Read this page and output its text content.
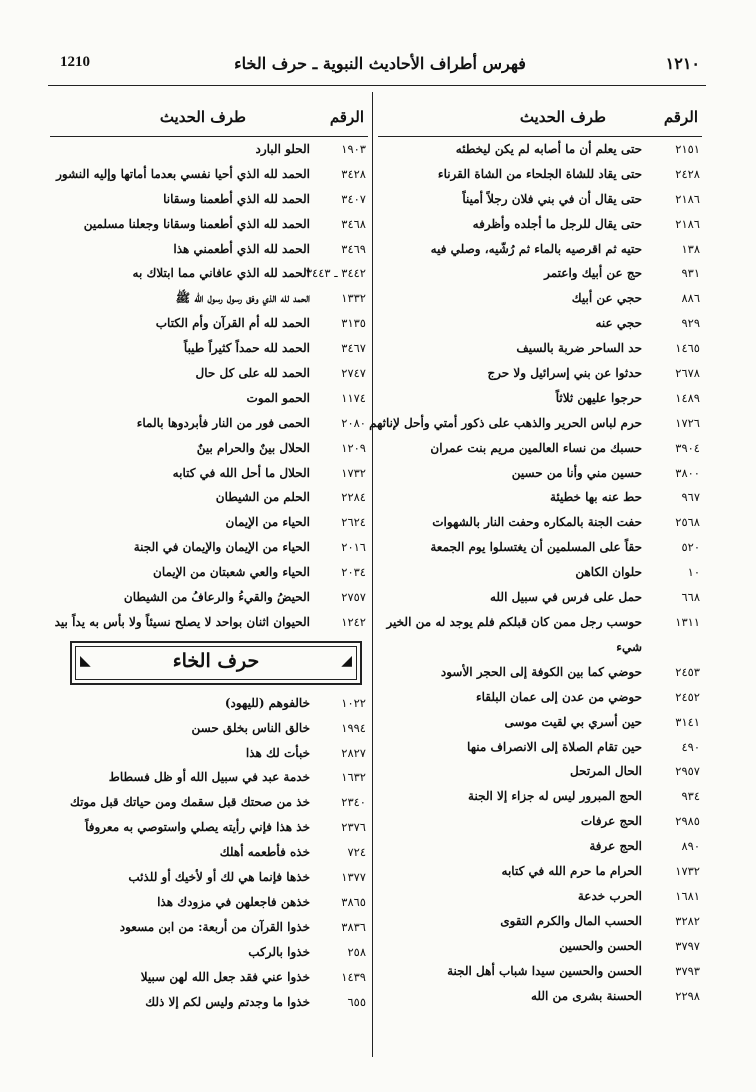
1210	فهرس أطراف الأحاديث النبوية ـ حرف الخاء	١٢١٠
الرقم
طرف الحديث
٢١٥١
حتى يعلم أن ما أصابه لم يكن ليخطئه
٢٤٢٨
حتى يقاد للشاة الجلحاء من الشاة القرناء
٢١٨٦
حتى يقال أن في بني فلان رجلاً أميناً
٢١٨٦
حتى يقال للرجل ما أجلده وأظرفه
١٣٨
حتيه ثم اقرصيه بالماء ثم رُشّيه، وصلي فيه
٩٣١
حج عن أبيك واعتمر
٨٨٦
حجي عن أبيك
٩٢٩
حجي عنه
١٤٦٥
حد الساحر ضربة بالسيف
٢٦٧٨
حدثوا عن بني إسرائيل ولا حرج
١٤٨٩
حرجوا عليهن ثلاثاً
١٧٢٦
حرم لباس الحرير والذهب على ذكور أمتي وأحل لإناثهم
٣٩٠٤
حسبك من نساء العالمين مريم بنت عمران
٣٨٠٠
حسين مني وأنا من حسين
٩٦٧
حط عنه بها خطيئة
٢٥٦٨
حفت الجنة بالمكاره وحفت النار بالشهوات
٥٢٠
حقاً على المسلمين أن يغتسلوا يوم الجمعة
١٠
حلوان الكاهن
٦٦٨
حمل على فرس في سبيل الله
١٣١١
حوسب رجل ممن كان قبلكم فلم يوجد له من الخير شيء
٢٤٥٣
حوضي كما بين الكوفة إلى الحجر الأسود
٢٤٥٢
حوضي من عدن إلى عمان البلقاء
٣١٤١
حين أسري بي لقيت موسى
٤٩٠
حين تقام الصلاة إلى الانصراف منها
٢٩٥٧
الحال المرتحل
٩٣٤
الحج المبرور ليس له جزاء إلا الجنة
٢٩٨٥
الحج عرفات
٨٩٠
الحج عرفة
١٧٣٢
الحرام ما حرم الله في كتابه
١٦٨١
الحرب خدعة
٣٢٨٢
الحسب المال والكرم التقوى
٣٧٩٧
الحسن والحسين
٣٧٩٣
الحسن والحسين سيدا شباب أهل الجنة
٢٢٩٨
الحسنة بشرى من الله
الرقم
طرف الحديث
١٩٠٣
الحلو البارد
٣٤٢٨
الحمد لله الذي أحيا نفسي بعدما أماتها وإليه النشور
٣٤٠٧
الحمد لله الذي أطعمنا وسقانا
٣٤٦٨
الحمد لله الذي أطعمنا وسقانا وجعلنا مسلمين
٣٤٦٩
الحمد لله الذي أطعمني هذا
٣٤٤٢ ـ ٣٤٤٣
الحمد لله الذي عافاني مما ابتلاك به
١٣٣٢
الحمد لله الذي وفق رسول رسول الله ﷺ
٣١٣٥
الحمد لله أم القرآن وأم الكتاب
٣٤٦٧
الحمد لله حمداً كثيراً طيباً
٢٧٤٧
الحمد لله على كل حال
١١٧٤
الحمو الموت
٢٠٨٠
الحمى فور من النار فأبردوها بالماء
١٢٠٩
الحلال بينٌ والحرام بينٌ
١٧٣٢
الحلال ما أحل الله في كتابه
٢٢٨٤
الحلم من الشيطان
٢٦٢٤
الحياء من الإيمان
٢٠١٦
الحياء من الإيمان والإيمان في الجنة
٢٠٣٤
الحياء والعي شعبتان من الإيمان
٢٧٥٧
الحيضُ والقيءُ والرعافُ من الشيطان
١٢٤٢
الحيوان اثنان بواحد لا يصلح نسيئاً ولا بأس به يداً بيد
◢
حرف الخاء
◣
١٠٢٢
خالفوهم (لليهود)
١٩٩٤
خالق الناس بخلق حسن
٢٨٢٧
خبأت لك هذا
١٦٣٢
خدمة عبد في سبيل الله أو ظل فسطاط
٢٣٤٠
خذ من صحتك قبل سقمك ومن حياتك قبل موتك
٢٣٧٦
خذ هذا فإني رأيته يصلي واستوصي به معروفاً
٧٢٤
خذه فأطعمه أهلك
١٣٧٧
خذها فإنما هي لك أو لأخيك أو للذئب
٣٨٦٥
خذهن فاجعلهن في مزودك هذا
٣٨٣٦
خذوا القرآن من أربعة: من ابن مسعود
٢٥٨
خذوا بالركب
١٤٣٩
خذوا عني فقد جعل الله لهن سبيلا
٦٥٥
خذوا ما وجدتم وليس لكم إلا ذلك
